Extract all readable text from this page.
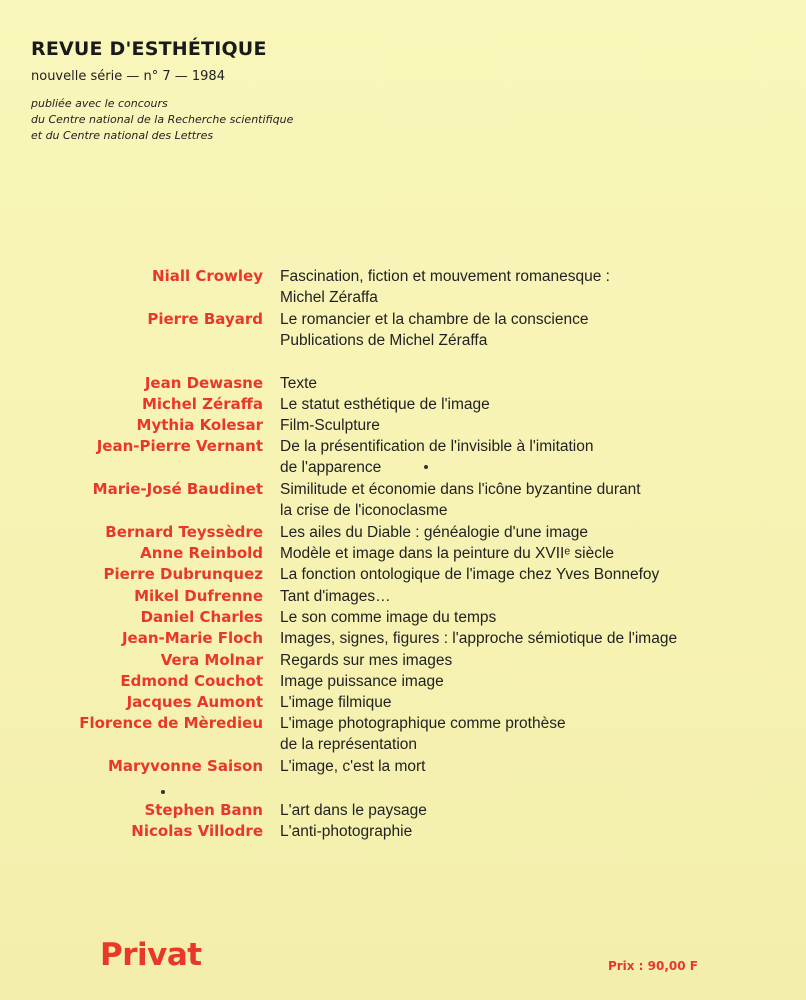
REVUE D'ESTHÉTIQUE
nouvelle série — n° 7 — 1984
publiée avec le concours
du Centre national de la Recherche scientifique
et du Centre national des Lettres
Niall Crowley Fascination, fiction et mouvement romanesque :
Michel Zéraffa
Pierre Bayard Le romancier et la chambre de la conscience
Publications de Michel Zéraffa
Jean Dewasne Texte
Michel Zéraffa Le statut esthétique de l'image
Mythia Kolesar Film-Sculpture
Jean-Pierre Vernant De la présentification de l'invisible à l'imitation
de l'apparence
Marie-José Baudinet Similitude et économie dans l'icône byzantine durant
la crise de l'iconoclasme
Bernard Teyssèdre Les ailes du Diable : généalogie d'une image
Anne Reinbold Modèle et image dans la peinture du XVIIᵉ siècle
Pierre Dubrunquez La fonction ontologique de l'image chez Yves Bonnefoy
Mikel Dufrenne Tant d'images…
Daniel Charles Le son comme image du temps
Jean-Marie Floch Images, signes, figures : l'approche sémiotique de l'image
Vera Molnar Regards sur mes images
Edmond Couchot Image puissance image
Jacques Aumont L'image filmique
Florence de Mèredieu L'image photographique comme prothèse
de la représentation
Maryvonne Saison L'image, c'est la mort
Stephen Bann L'art dans le paysage
Nicolas Villodre L'anti-photographie
Privat	Prix : 90,00 F
